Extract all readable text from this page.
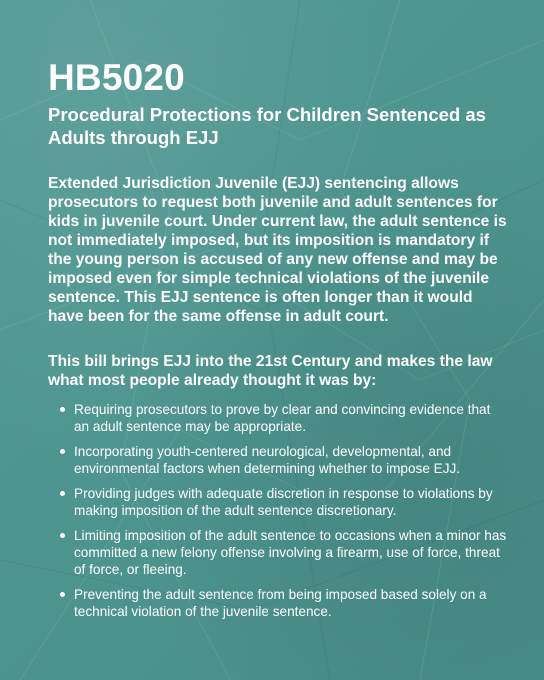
HB5020
Procedural Protections for Children Sentenced as Adults through EJJ

Extended Jurisdiction Juvenile (EJJ) sentencing allows prosecutors to request both juvenile and adult sentences for kids in juvenile court. Under current law, the adult sentence is not immediately imposed, but its imposition is mandatory if the young person is accused of any new offense and may be imposed even for simple technical violations of the juvenile sentence. This EJJ sentence is often longer than it would have been for the same offense in adult court.

This bill brings EJJ into the 21st Century and makes the law what most people already thought it was by:

Requiring prosecutors to prove by clear and convincing evidence that an adult sentence may be appropriate.
Incorporating youth-centered neurological, developmental, and environmental factors when determining whether to impose EJJ.
Providing judges with adequate discretion in response to violations by making imposition of the adult sentence discretionary.
Limiting imposition of the adult sentence to occasions when a minor has committed a new felony offense involving a firearm, use of force, threat of force, or fleeing.
Preventing the adult sentence from being imposed based solely on a technical violation of the juvenile sentence.
